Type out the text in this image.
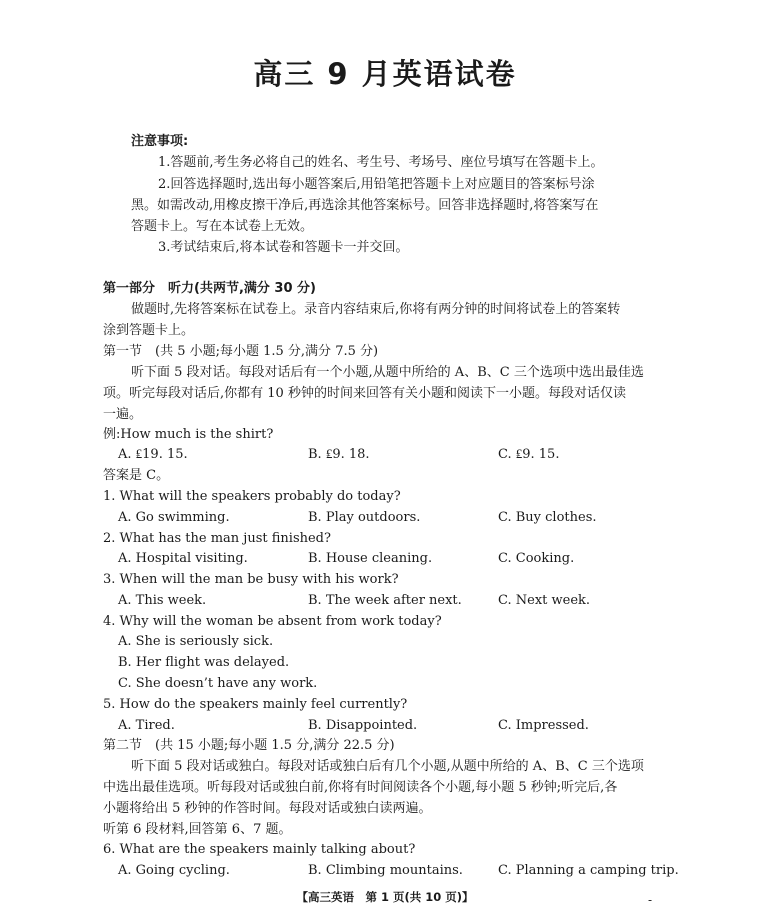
高三 9 月英语试卷
注意事项:
1.答题前,考生务必将自己的姓名、考生号、考场号、座位号填写在答题卡上。
2.回答选择题时,选出每小题答案后,用铅笔把答题卡上对应题目的答案标号涂
黑。如需改动,用橡皮擦干净后,再选涂其他答案标号。回答非选择题时,将答案写在
答题卡上。写在本试卷上无效。
3.考试结束后,将本试卷和答题卡一并交回。
第一部分　听力(共两节,满分 30 分)
做题时,先将答案标在试卷上。录音内容结束后,你将有两分钟的时间将试卷上的答案转
涂到答题卡上。
第一节　(共 5 小题;每小题 1.5 分,满分 7.5 分)
听下面 5 段对话。每段对话后有一个小题,从题中所给的 A、B、C 三个选项中选出最佳选
项。听完每段对话后,你都有 10 秒钟的时间来回答有关小题和阅读下一小题。每段对话仅读
一遍。
例:How much is the shirt?
A. ₤19. 15.	B. ₤9. 18.	C. ₤9. 15.
答案是 C。
1. What will the speakers probably do today?
A. Go swimming.	B. Play outdoors.	C. Buy clothes.
2. What has the man just finished?
A. Hospital visiting.	B. House cleaning.	C. Cooking.
3. When will the man be busy with his work?
A. This week.	B. The week after next.	C. Next week.
4. Why will the woman be absent from work today?
A. She is seriously sick.
B. Her flight was delayed.
C. She doesn’t have any work.
5. How do the speakers mainly feel currently?
A. Tired.	B. Disappointed.	C. Impressed.
第二节　(共 15 小题;每小题 1.5 分,满分 22.5 分)
听下面 5 段对话或独白。每段对话或独白后有几个小题,从题中所给的 A、B、C 三个选项
中选出最佳选项。听每段对话或独白前,你将有时间阅读各个小题,每小题 5 秒钟;听完后,各
小题将给出 5 秒钟的作答时间。每段对话或独白读两遍。
听第 6 段材料,回答第 6、7 题。
6. What are the speakers mainly talking about?
A. Going cycling.	B. Climbing mountains.	C. Planning a camping trip.
【高三英语　第 1 页(共 10 页)】	-
